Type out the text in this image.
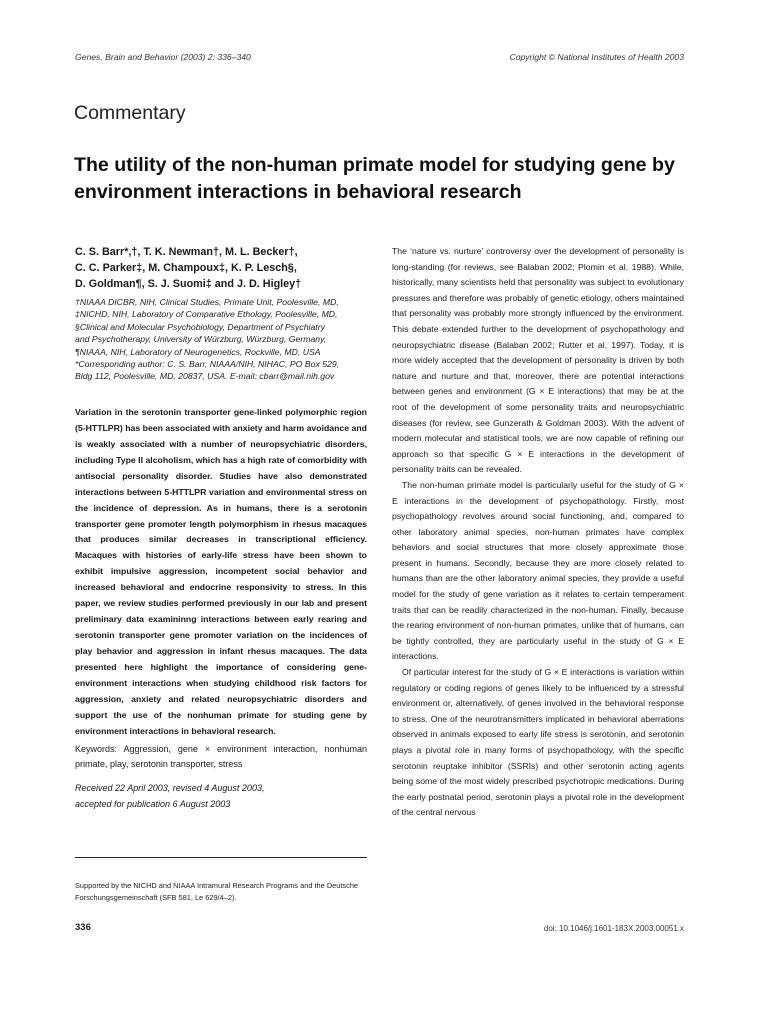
Genes, Brain and Behavior (2003) 2: 336–340	Copyright © National Institutes of Health 2003
Commentary
The utility of the non-human primate model for studying gene by environment interactions in behavioral research
C. S. Barr*,†, T. K. Newman†, M. L. Becker†,
C. C. Parker‡, M. Champoux‡, K. P. Lesch§,
D. Goldman¶, S. J. Suomi‡ and J. D. Higley†
†NIAAA DICBR, NIH, Clinical Studies, Primate Unit, Poolesville, MD,
‡NICHD, NIH, Laboratory of Comparative Ethology, Poolesville, MD,
§Clinical and Molecular Psychobiology, Department of Psychiatry
and Psychotherapy, University of Würzburg, Würzburg, Germany,
¶NIAAA, NIH, Laboratory of Neurogenetics, Rockville, MD, USA
*Corresponding author: C. S. Barr, NIAAA/NIH, NIHAC, PO Box 529,
Bldg 112, Poolesville, MD, 20837, USA. E-mail: cbarr@mail.nih.gov
Variation in the serotonin transporter gene-linked polymorphic region (5-HTTLPR) has been associated with anxiety and harm avoidance and is weakly associated with a number of neuropsychiatric disorders, including Type II alcoholism, which has a high rate of comorbidity with antisocial personality disorder. Studies have also demonstrated interactions between 5-HTTLPR variation and environmental stress on the incidence of depression. As in humans, there is a serotonin transporter gene promoter length polymorphism in rhesus macaques that produces similar decreases in transcriptional efficiency. Macaques with histories of early-life stress have been shown to exhibit impulsive aggression, incompetent social behavior and increased behavioral and endocrine responsivity to stress. In this paper, we review studies performed previously in our lab and present preliminary data examininng interactions between early rearing and serotonin transporter gene promoter variation on the incidences of play behavior and aggression in infant rhesus macaques. The data presented here highlight the importance of considering gene-environment interactions when studying childhood risk factors for aggression, anxiety and related neuropsychiatric disorders and support the use of the nonhuman primate for studing gene by environment interactions in behavioral research.
Keywords: Aggression, gene × environment interaction, nonhuman primate, play, serotonin transporter, stress
Received 22 April 2003, revised 4 August 2003,
accepted for publication 6 August 2003
Supported by the NICHD and NIAAA Intramural Research Programs and the Deutsche Forschungsgemeinschaft (SFB 581, Le 629/4–2).

The ‘nature vs. nurture’ controversy over the development of personality is long-standing (for reviews, see Balaban 2002; Plomin et al. 1988). While, historically, many scientists held that personality was subject to evolutionary pressures and therefore was probably of genetic etiology, others maintained that personality was probably more strongly influenced by the environment. This debate extended further to the development of psychopathology and neuropsychiatric disease (Balaban 2002; Rutter et al. 1997). Today, it is more widely accepted that the development of personality is driven by both nature and nurture and that, moreover, there are potential interactions between genes and environment (G × E interactions) that may be at the root of the development of some personality traits and neuropsychiatric diseases (for review, see Gunzerath & Goldman 2003). With the advent of modern molecular and statistical tools, we are now capable of refining our approach so that specific G × E interactions in the development of personality traits can be revealed.

The non-human primate model is particularly useful for the study of G × E interactions in the development of psychopathology. Firstly, most psychopathology revolves around social functioning, and, compared to other laboratory animal species, non-human primates have complex behaviors and social structures that more closely approximate those present in humans. Secondly, because they are more closely related to humans than are the other laboratory animal species, they provide a useful model for the study of gene variation as it relates to certain temperament traits that can be readily characterized in the non-human. Finally, because the rearing environment of non-human primates, unlike that of humans, can be tightly controlled, they are particularly useful in the study of G × E interactions.

Of particular interest for the study of G × E interactions is variation within regulatory or coding regions of genes likely to be influenced by a stressful environment or, alternatively, of genes involved in the behavioral response to stress. One of the neurotransmitters implicated in behavioral aberrations observed in animals exposed to early life stress is serotonin, and serotonin plays a pivotal role in many forms of psychopathology, with the specific serotonin reuptake inhibitor (SSRIs) and other serotonin acting agents being some of the most widely prescribed psychotropic medications. During the early postnatal period, serotonin plays a pivotal role in the development of the central nervous

336	doi: 10.1046/j.1601-183X.2003.00051.x
